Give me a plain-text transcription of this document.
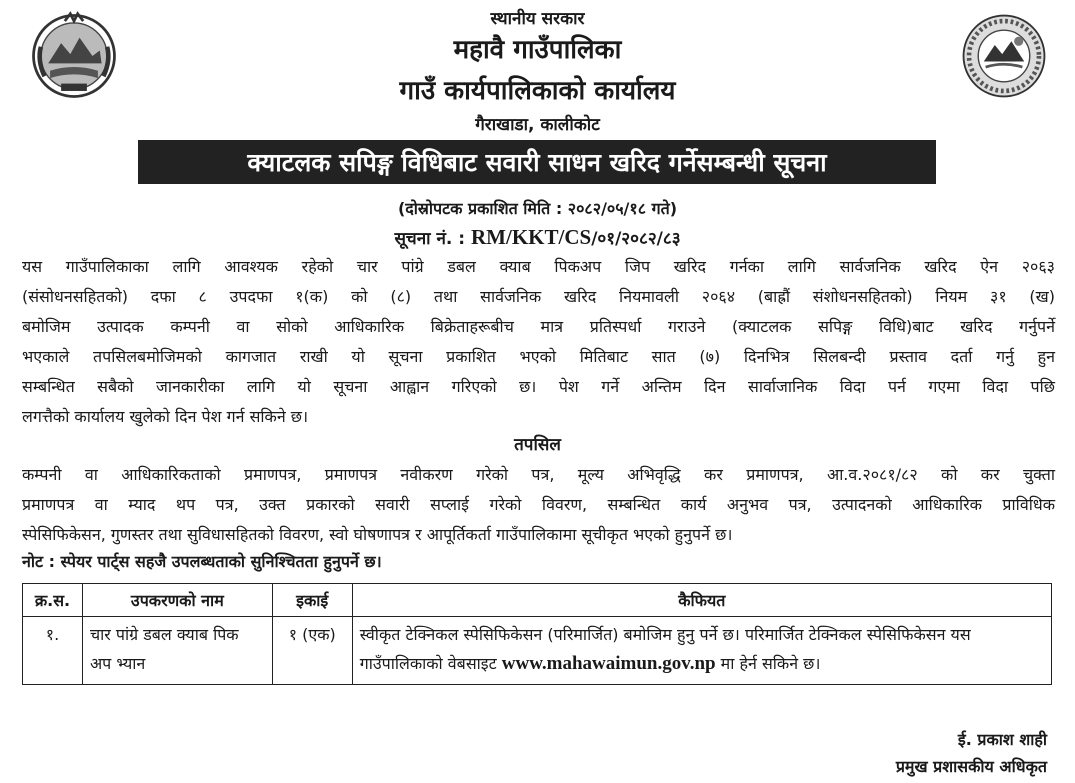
स्थानीय सरकार
महावै गाउँपालिका
गाउँ कार्यपालिकाको कार्यालय
गैराखाडा, कालीकोट
क्याटलक सपिङ्ग विधिबाट सवारी साधन खरिद गर्नेसम्बन्धी सूचना
(दोस्रोपटक प्रकाशित मिति : २०८२/०५/१८ गते)
सूचना नं. : RM/KKT/CS/०१/२०८२/८३
यस गाउँपालिकाका लागि आवश्यक रहेको चार पांग्रे डबल क्याब पिकअप जिप खरिद गर्नका लागि सार्वजनिक खरिद ऐन २०६३
(संसोधनसहितको) दफा ८ उपदफा १(क) को (८) तथा सार्वजनिक खरिद नियमावली २०६४ (बाह्रौं संशोधनसहितको) नियम ३१ (ख)
बमोजिम उत्पादक कम्पनी वा सोको आधिकारिक बिक्रेताहरूबीच मात्र प्रतिस्पर्धा गराउने (क्याटलक सपिङ्ग विधि)बाट खरिद गर्नुपर्ने
भएकाले तपसिलबमोजिमको कागजात राखी यो सूचना प्रकाशित भएको मितिबाट सात (७) दिनभित्र सिलबन्दी प्रस्ताव दर्ता गर्नु हुन
सम्बन्धित सबैको जानकारीका लागि यो सूचना आह्वान गरिएको छ। पेश गर्ने अन्तिम दिन सार्वाजानिक विदा पर्न गएमा विदा पछि
लगत्तैको कार्यालय खुलेको दिन पेश गर्न सकिने छ।
तपसिल
कम्पनी वा आधिकारिकताको प्रमाणपत्र, प्रमाणपत्र नवीकरण गरेको पत्र, मूल्य अभिवृद्धि कर प्रमाणपत्र, आ.व.२०८१/८२ को कर चुक्ता
प्रमाणपत्र वा म्याद थप पत्र, उक्त प्रकारको सवारी सप्लाई गरेको विवरण, सम्बन्धित कार्य अनुभव पत्र, उत्पादनको आधिकारिक प्राविधिक
स्पेसिफिकेसन, गुणस्तर तथा सुविधासहितको विवरण, स्वो घोषणापत्र र आपूर्तिकर्ता गाउँपालिकामा सूचीकृत भएको हुनुपर्ने छ।
नोट : स्पेयर पार्ट्स सहजै उपलब्धताको सुनिश्चितता हुनुपर्ने छ।
क्र.स.	उपकरणको नाम	इकाई	कैफियत
१.	चार पांग्रे डबल क्याब पिक अप भ्यान	१ (एक)	स्वीकृत टेक्निकल स्पेसिफिकेसन (परिमार्जित) बमोजिम हुनु पर्ने छ। परिमार्जित टेक्निकल स्पेसिफिकेसन यस गाउँपालिकाको वेबसाइट www.mahawaimun.gov.np मा हेर्न सकिने छ।
ई. प्रकाश शाही
प्रमुख प्रशासकीय अधिकृत
